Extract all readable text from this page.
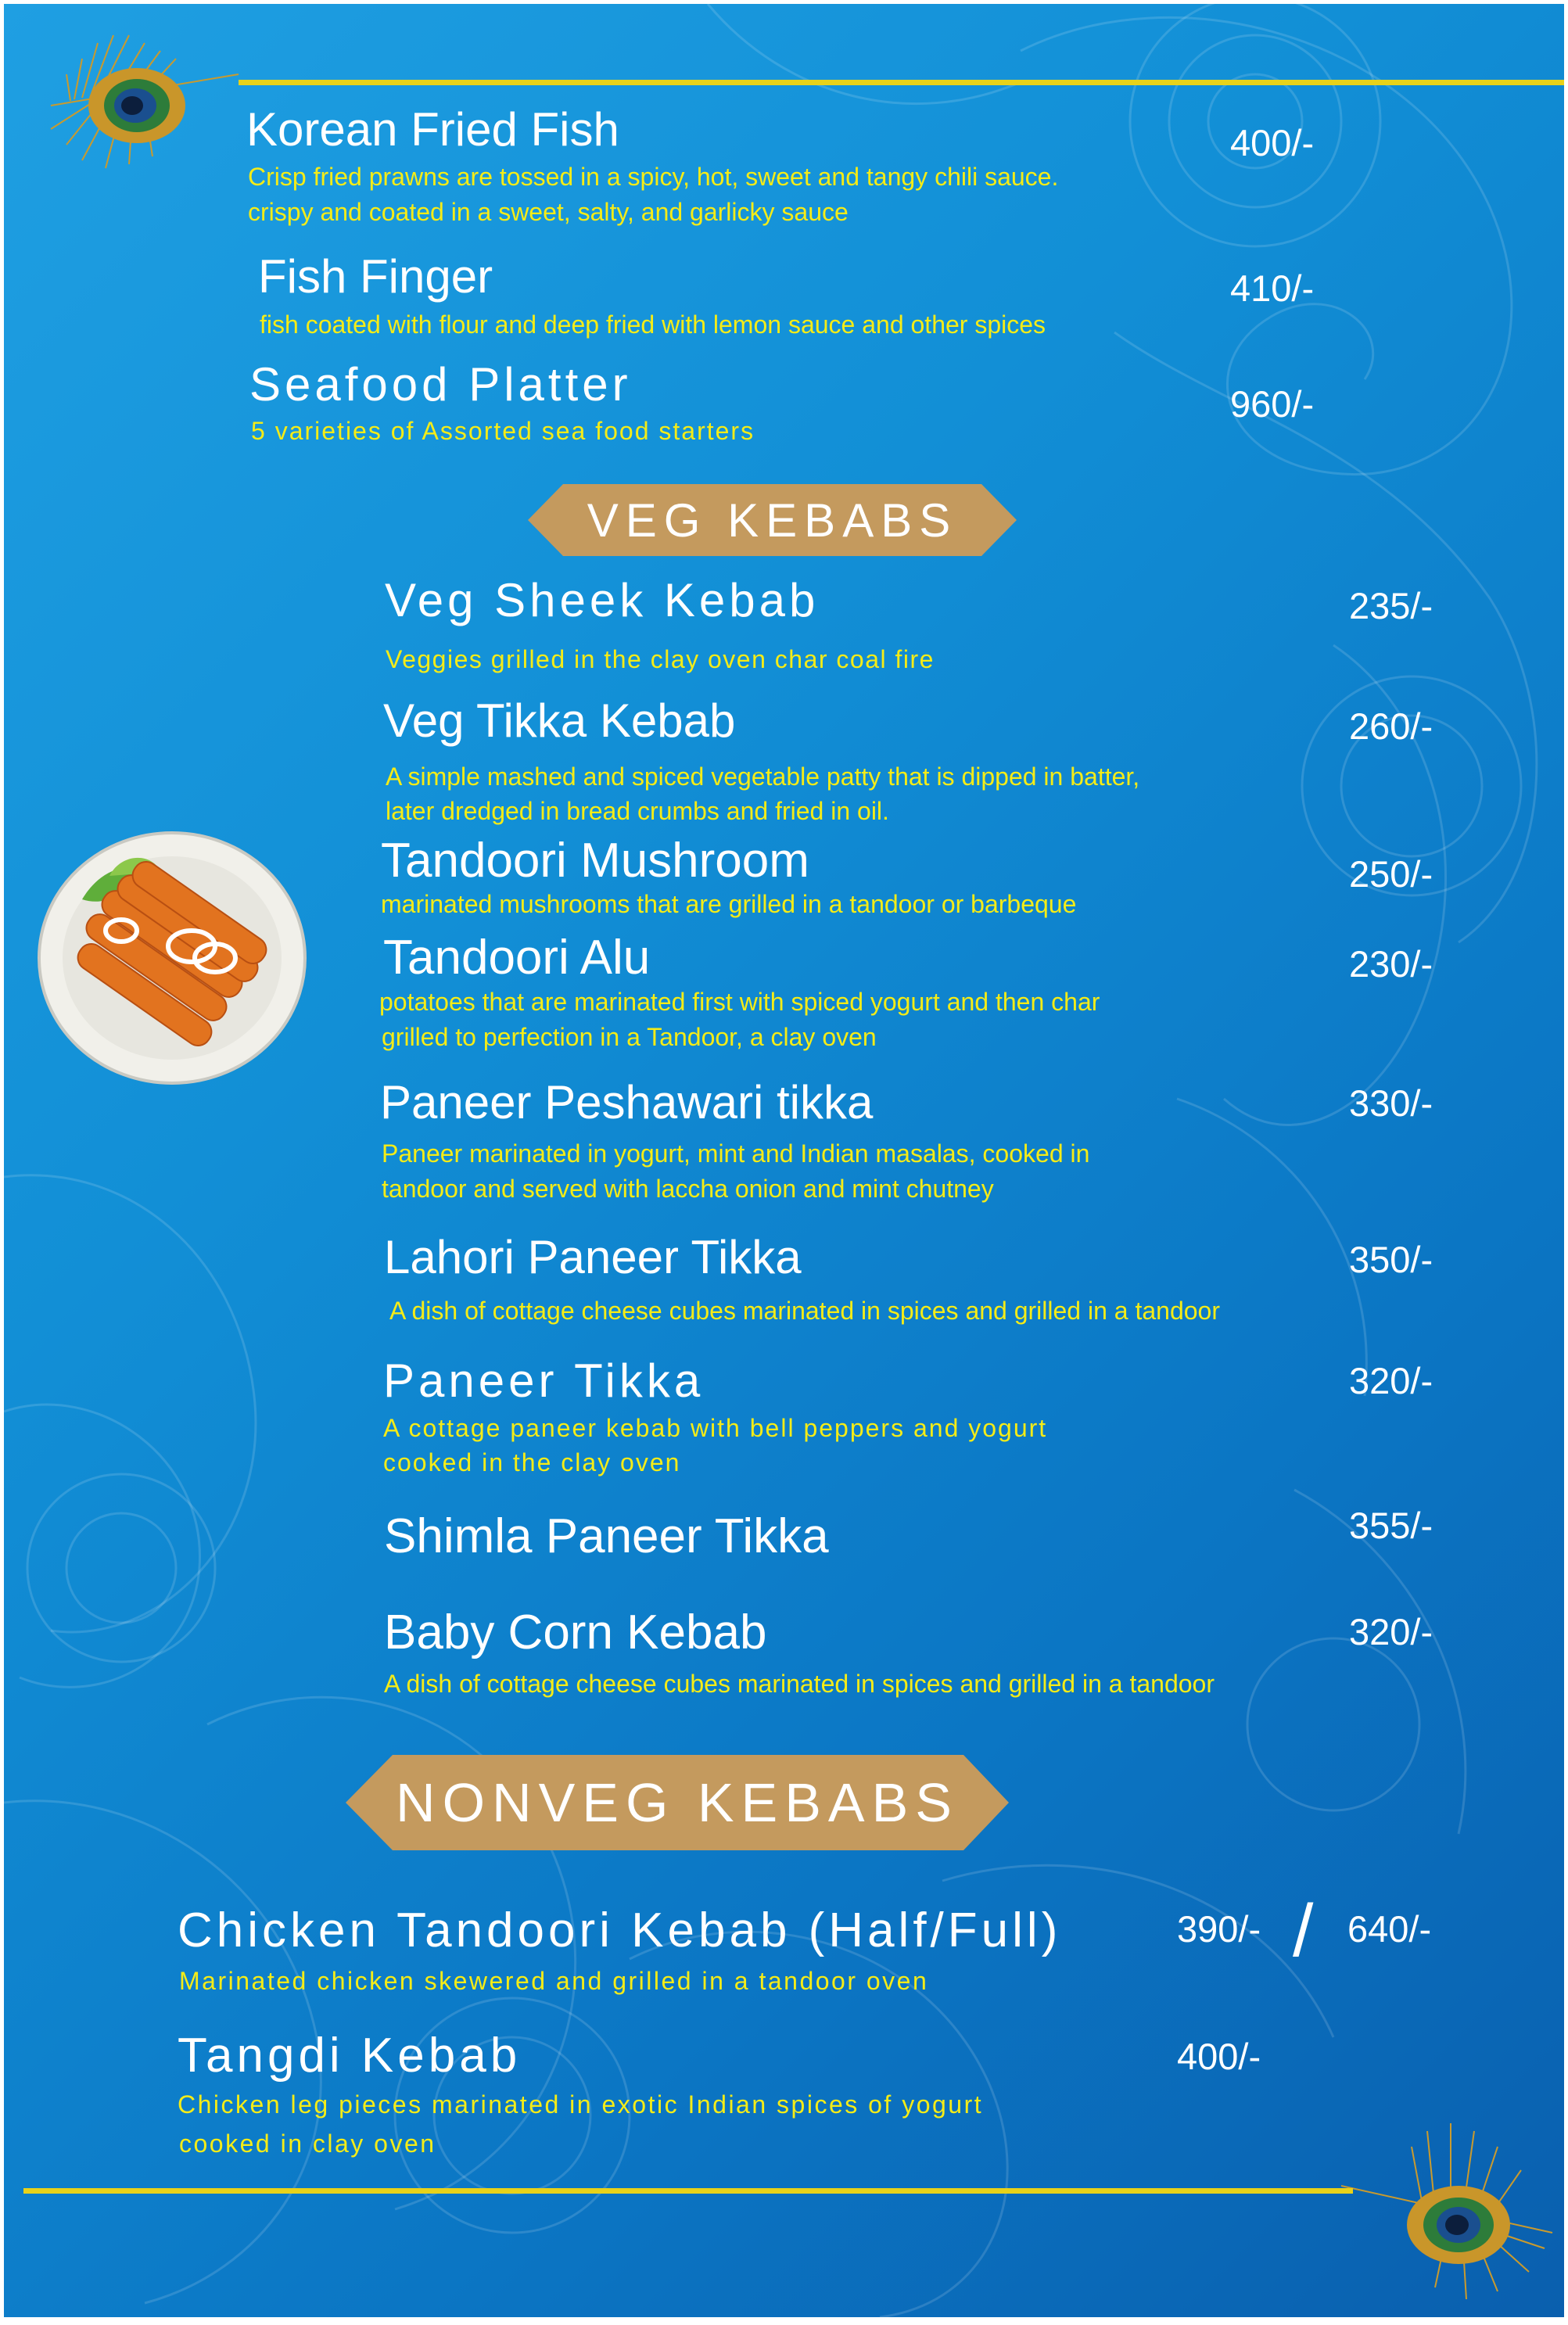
Korean Fried Fish
Crisp fried prawns are tossed in a spicy, hot, sweet and tangy chili sauce.
crispy and coated in a sweet, salty, and garlicky sauce
400/-
Fish Finger
fish coated with flour and deep fried with lemon sauce and other spices
410/-
Seafood Platter
5 varieties of Assorted sea food starters
960/-
VEG KEBABS
Veg Sheek Kebab
Veggies grilled in the clay oven char coal fire
235/-
Veg Tikka Kebab
A simple mashed and spiced vegetable patty that is dipped in batter,
later dredged in bread crumbs and fried in oil.
260/-
Tandoori Mushroom
marinated mushrooms that are grilled in a tandoor or barbeque
250/-
Tandoori Alu
potatoes that are marinated first with spiced yogurt and then char
grilled to perfection in a Tandoor, a clay oven
230/-
Paneer Peshawari tikka
Paneer marinated in yogurt, mint and Indian masalas, cooked in
tandoor and served with laccha onion and mint chutney
330/-
Lahori Paneer Tikka
A dish of cottage cheese cubes marinated in spices and grilled in a tandoor
350/-
Paneer Tikka
A cottage paneer kebab with bell peppers and yogurt
cooked in the clay oven
320/-
Shimla Paneer Tikka	355/-
Baby Corn Kebab
A dish of cottage cheese cubes marinated in spices and grilled in a tandoor
320/-
NONVEG KEBABS
Chicken Tandoori Kebab (Half/Full)
Marinated chicken skewered and grilled in a tandoor oven
390/- / 640/-
Tangdi Kebab
Chicken leg pieces marinated in exotic Indian spices of yogurt
cooked in clay oven
400/-
